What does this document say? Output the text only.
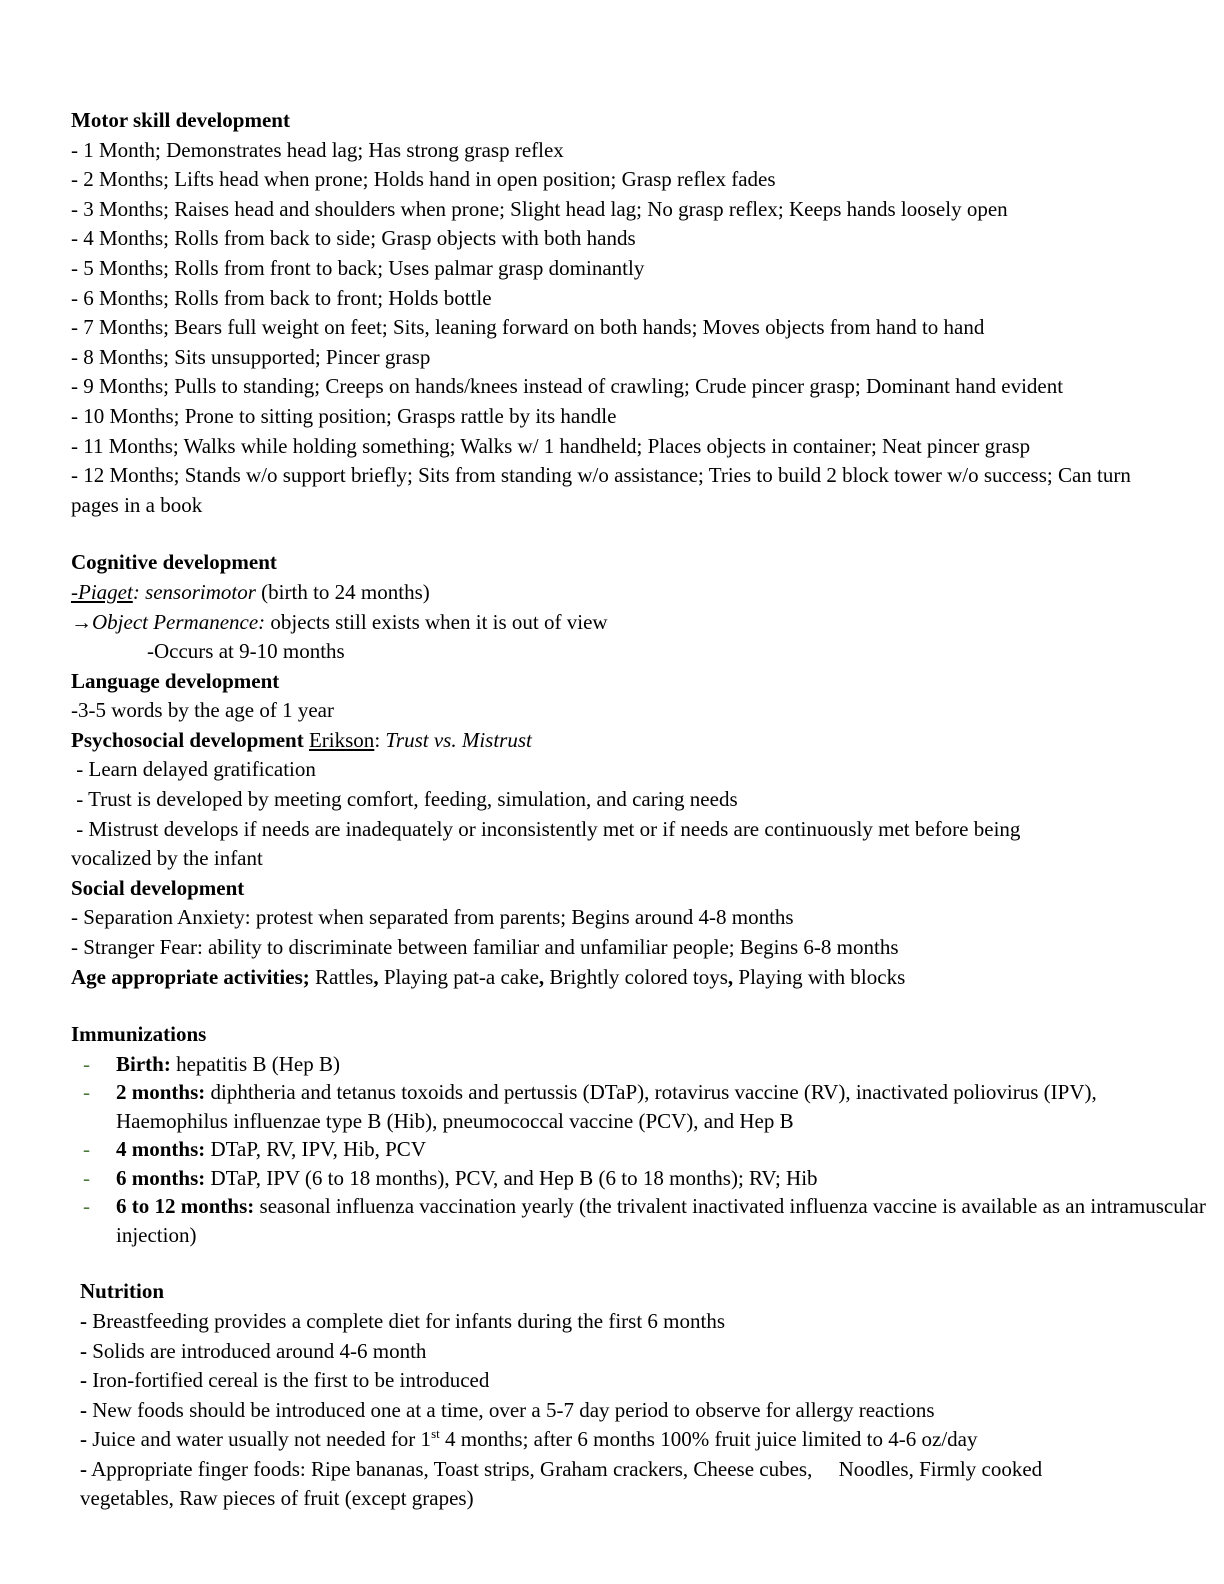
Motor skill development
- 1 Month; Demonstrates head lag; Has strong grasp reflex
- 2 Months; Lifts head when prone; Holds hand in open position; Grasp reflex fades
- 3 Months; Raises head and shoulders when prone; Slight head lag; No grasp reflex; Keeps hands loosely open
- 4 Months; Rolls from back to side; Grasp objects with both hands
- 5 Months; Rolls from front to back; Uses palmar grasp dominantly
- 6 Months; Rolls from back to front; Holds bottle
- 7 Months; Bears full weight on feet; Sits, leaning forward on both hands; Moves objects from hand to hand
- 8 Months; Sits unsupported; Pincer grasp
- 9 Months; Pulls to standing; Creeps on hands/knees instead of crawling; Crude pincer grasp; Dominant hand evident
- 10 Months; Prone to sitting position; Grasps rattle by its handle
- 11 Months; Walks while holding something; Walks w/ 1 handheld; Places objects in container; Neat pincer grasp
- 12 Months; Stands w/o support briefly; Sits from standing w/o assistance; Tries to build 2 block tower w/o success; Can turn pages in a book
Cognitive development
-Piaget: sensorimotor (birth to 24 months)
→Object Permanence: objects still exists when it is out of view
-Occurs at 9-10 months
Language development
-3-5 words by the age of 1 year
Psychosocial development Erikson: Trust vs. Mistrust
- Learn delayed gratification
- Trust is developed by meeting comfort, feeding, simulation, and caring needs
- Mistrust develops if needs are inadequately or inconsistently met or if needs are continuously met before being vocalized by the infant
Social development
- Separation Anxiety: protest when separated from parents; Begins around 4-8 months
- Stranger Fear: ability to discriminate between familiar and unfamiliar people; Begins 6-8 months
Age appropriate activities; Rattles, Playing pat-a cake, Brightly colored toys, Playing with blocks
Immunizations
- Birth: hepatitis B (Hep B)
- 2 months: diphtheria and tetanus toxoids and pertussis (DTaP), rotavirus vaccine (RV), inactivated poliovirus (IPV), Haemophilus influenzae type B (Hib), pneumococcal vaccine (PCV), and Hep B
- 4 months: DTaP, RV, IPV, Hib, PCV
- 6 months: DTaP, IPV (6 to 18 months), PCV, and Hep B (6 to 18 months); RV; Hib
- 6 to 12 months: seasonal influenza vaccination yearly (the trivalent inactivated influenza vaccine is available as an intramuscular injection)
Nutrition
- Breastfeeding provides a complete diet for infants during the first 6 months
- Solids are introduced around 4-6 month
- Iron-fortified cereal is the first to be introduced
- New foods should be introduced one at a time, over a 5-7 day period to observe for allergy reactions
- Juice and water usually not needed for 1st 4 months; after 6 months 100% fruit juice limited to 4-6 oz/day
- Appropriate finger foods: Ripe bananas, Toast strips, Graham crackers, Cheese cubes,     Noodles, Firmly cooked vegetables, Raw pieces of fruit (except grapes)
